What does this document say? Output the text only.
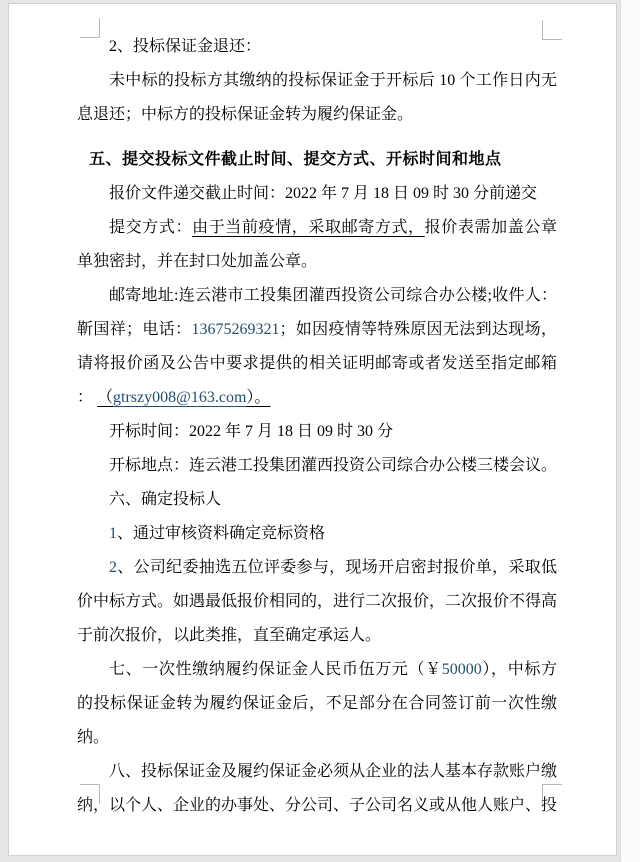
2、投标保证金退还：

未中标的投标方其缴纳的投标保证金于开标后 10 个工作日内无息退还；中标方的投标保证金转为履约保证金。

五、提交投标文件截止时间、提交方式、开标时间和地点

报价文件递交截止时间：2022 年 7 月 18 日 09 时 30 分前递交

提交方式：由于当前疫情，采取邮寄方式，报价表需加盖公章单独密封，并在封口处加盖公章。

邮寄地址:连云港市工投集团灌西投资公司综合办公楼;收件人：靳国祥；电话：13675269321；如因疫情等特殊原因无法到达现场，请将报价函及公告中要求提供的相关证明邮寄或者发送至指定邮箱 ： （gtrszy008@163.com）。

开标时间：2022 年 7 月 18 日 09 时 30 分

开标地点：连云港工投集团灌西投资公司综合办公楼三楼会议。

六、确定投标人

1、通过审核资料确定竞标资格

2、公司纪委抽选五位评委参与，现场开启密封报价单，采取低价中标方式。如遇最低报价相同的，进行二次报价，二次报价不得高于前次报价，以此类推，直至确定承运人。

七、一次性缴纳履约保证金人民币伍万元（￥50000），中标方的投标保证金转为履约保证金后，不足部分在合同签订前一次性缴纳。

八、投标保证金及履约保证金必须从企业的法人基本存款账户缴纳，以个人、企业的办事处、分公司、子公司名义或从他人账户、投
